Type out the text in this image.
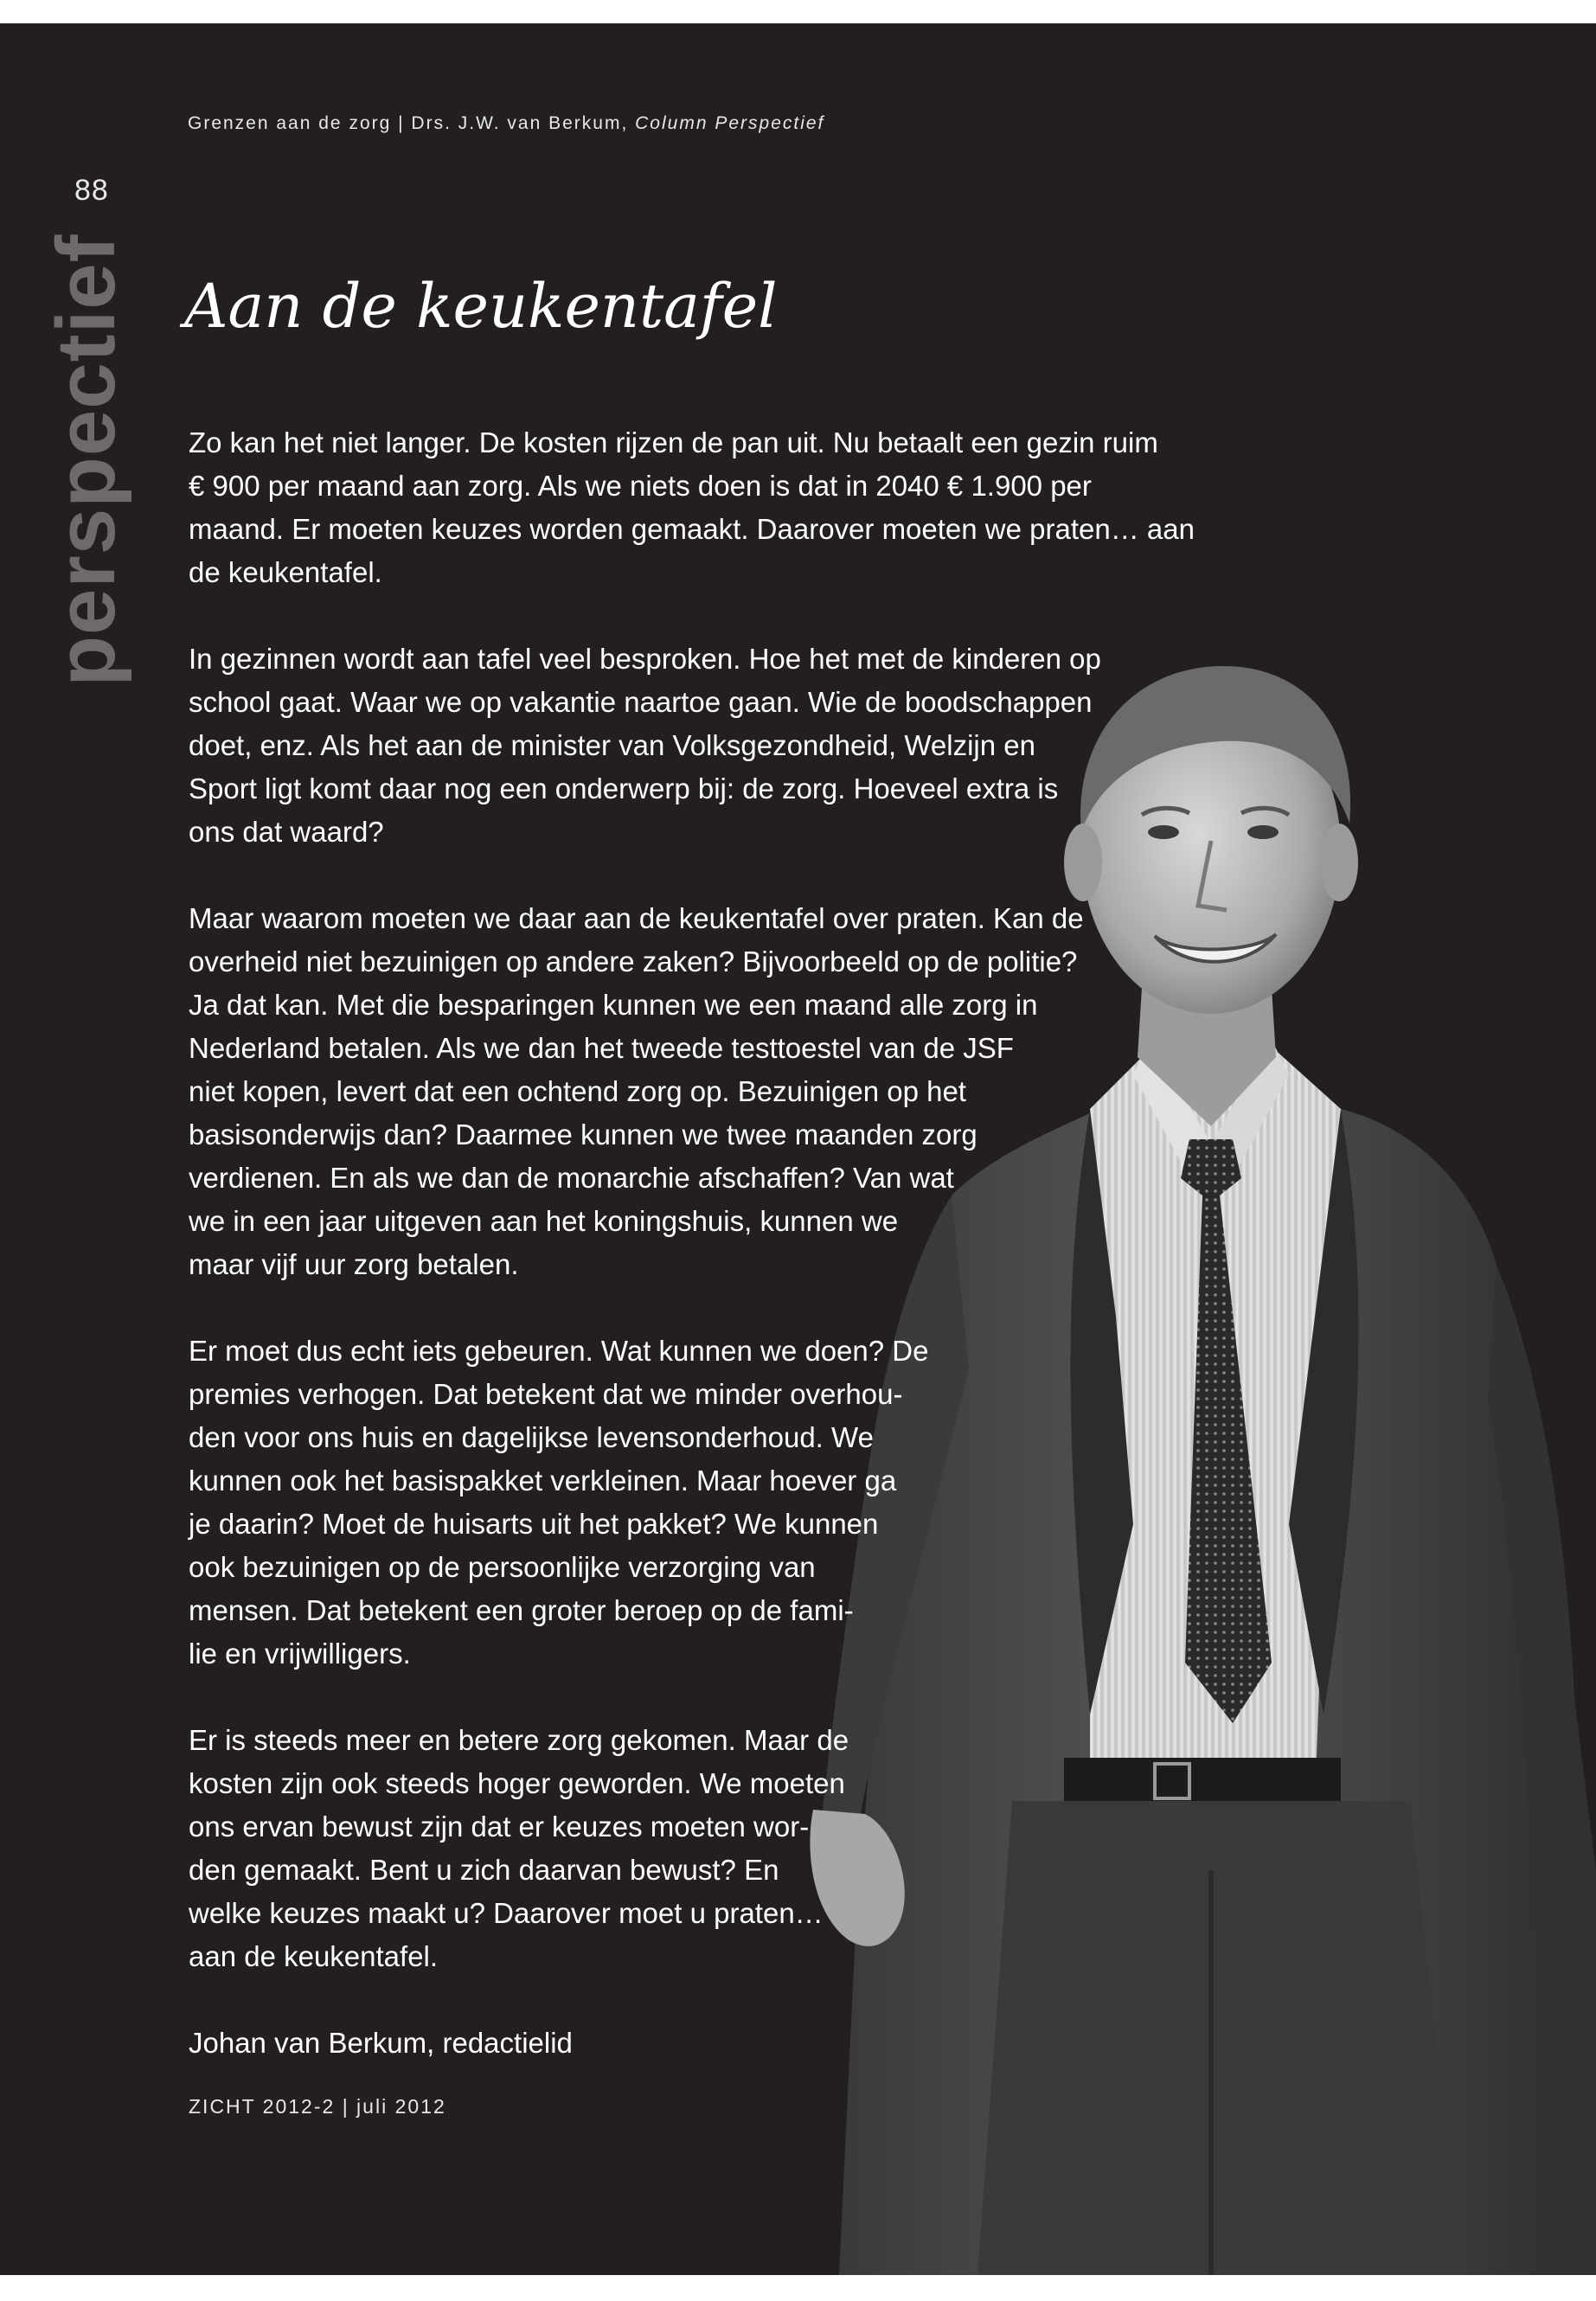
Grenzen aan de zorg | Drs. J.W. van Berkum, Column Perspectief
88
perspectief Aan de keukentafel

Zo kan het niet langer. De kosten rijzen de pan uit. Nu betaalt een gezin ruim
€ 900 per maand aan zorg. Als we niets doen is dat in 2040 € 1.900 per
maand. Er moeten keuzes worden gemaakt. Daarover moeten we praten… aan
de keukentafel.

In gezinnen wordt aan tafel veel besproken. Hoe het met de kinderen op
school gaat. Waar we op vakantie naartoe gaan. Wie de boodschappen
doet, enz. Als het aan de minister van Volksgezondheid, Welzijn en
Sport ligt komt daar nog een onderwerp bij: de zorg. Hoeveel extra is
ons dat waard?

Maar waarom moeten we daar aan de keukentafel over praten. Kan de
overheid niet bezuinigen op andere zaken? Bijvoorbeeld op de politie?
Ja dat kan. Met die besparingen kunnen we een maand alle zorg in
Nederland betalen. Als we dan het tweede testtoestel van de JSF
niet kopen, levert dat een ochtend zorg op. Bezuinigen op het
basisonderwijs dan? Daarmee kunnen we twee maanden zorg
verdienen. En als we dan de monarchie afschaffen? Van wat
we in een jaar uitgeven aan het koningshuis, kunnen we
maar vijf uur zorg betalen.

Er moet dus echt iets gebeuren. Wat kunnen we doen? De
premies verhogen. Dat betekent dat we minder overhou-
den voor ons huis en dagelijkse levensonderhoud. We
kunnen ook het basispakket verkleinen. Maar hoever ga
je daarin? Moet de huisarts uit het pakket? We kunnen
ook bezuinigen op de persoonlijke verzorging van
mensen. Dat betekent een groter beroep op de fami-
lie en vrijwilligers.

Er is steeds meer en betere zorg gekomen. Maar de
kosten zijn ook steeds hoger geworden. We moeten
ons ervan bewust zijn dat er keuzes moeten wor-
den gemaakt. Bent u zich daarvan bewust? En
welke keuzes maakt u? Daarover moet u praten…
aan de keukentafel.

Johan van Berkum, redactielid

ZICHT 2012-2 | juli 2012
